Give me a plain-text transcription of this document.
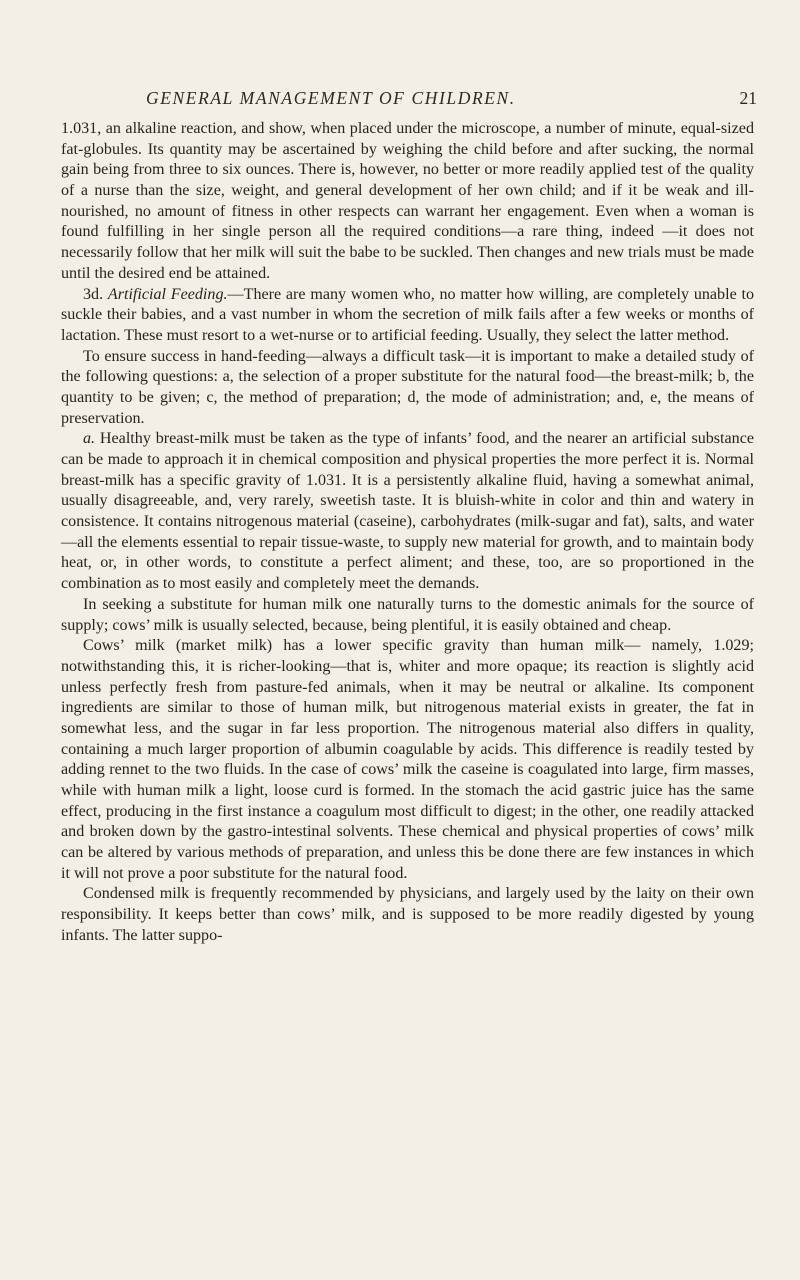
GENERAL MANAGEMENT OF CHILDREN.	21

1.031, an alkaline reaction, and show, when placed under the microscope, a number of minute, equal-sized fat-globules. Its quantity may be ascertained by weighing the child before and after sucking, the normal gain being from three to six ounces. There is, however, no better or more readily applied test of the quality of a nurse than the size, weight, and general development of her own child; and if it be weak and ill-nourished, no amount of fitness in other respects can warrant her engagement. Even when a woman is found fulfilling in her single person all the required conditions—a rare thing, indeed —it does not necessarily follow that her milk will suit the babe to be suckled. Then changes and new trials must be made until the desired end be attained.

3d. Artificial Feeding.—There are many women who, no matter how willing, are completely unable to suckle their babies, and a vast number in whom the secretion of milk fails after a few weeks or months of lactation. These must resort to a wet-nurse or to artificial feeding. Usually, they select the latter method.

To ensure success in hand-feeding—always a difficult task—it is important to make a detailed study of the following questions: a, the selection of a proper substitute for the natural food—the breast-milk; b, the quantity to be given; c, the method of preparation; d, the mode of administration; and, e, the means of preservation.

a. Healthy breast-milk must be taken as the type of infants’ food, and the nearer an artificial substance can be made to approach it in chemical composition and physical properties the more perfect it is. Normal breast-milk has a specific gravity of 1.031. It is a persistently alkaline fluid, having a somewhat animal, usually disagreeable, and, very rarely, sweetish taste. It is bluish-white in color and thin and watery in consistence. It contains nitrogenous material (caseine), carbohydrates (milk-sugar and fat), salts, and water —all the elements essential to repair tissue-waste, to supply new material for growth, and to maintain body heat, or, in other words, to constitute a perfect aliment; and these, too, are so proportioned in the combination as to most easily and completely meet the demands.

In seeking a substitute for human milk one naturally turns to the domestic animals for the source of supply; cows’ milk is usually selected, because, being plentiful, it is easily obtained and cheap.

Cows’ milk (market milk) has a lower specific gravity than human milk— namely, 1.029; notwithstanding this, it is richer-looking—that is, whiter and more opaque; its reaction is slightly acid unless perfectly fresh from pasture-fed animals, when it may be neutral or alkaline. Its component ingredients are similar to those of human milk, but nitrogenous material exists in greater, the fat in somewhat less, and the sugar in far less proportion. The nitrogenous material also differs in quality, containing a much larger proportion of albumin coagulable by acids. This difference is readily tested by adding rennet to the two fluids. In the case of cows’ milk the caseine is coagulated into large, firm masses, while with human milk a light, loose curd is formed. In the stomach the acid gastric juice has the same effect, producing in the first instance a coagulum most difficult to digest; in the other, one readily attacked and broken down by the gastro-intestinal solvents. These chemical and physical properties of cows’ milk can be altered by various methods of preparation, and unless this be done there are few instances in which it will not prove a poor substitute for the natural food.

Condensed milk is frequently recommended by physicians, and largely used by the laity on their own responsibility. It keeps better than cows’ milk, and is supposed to be more readily digested by young infants. The latter suppo-
